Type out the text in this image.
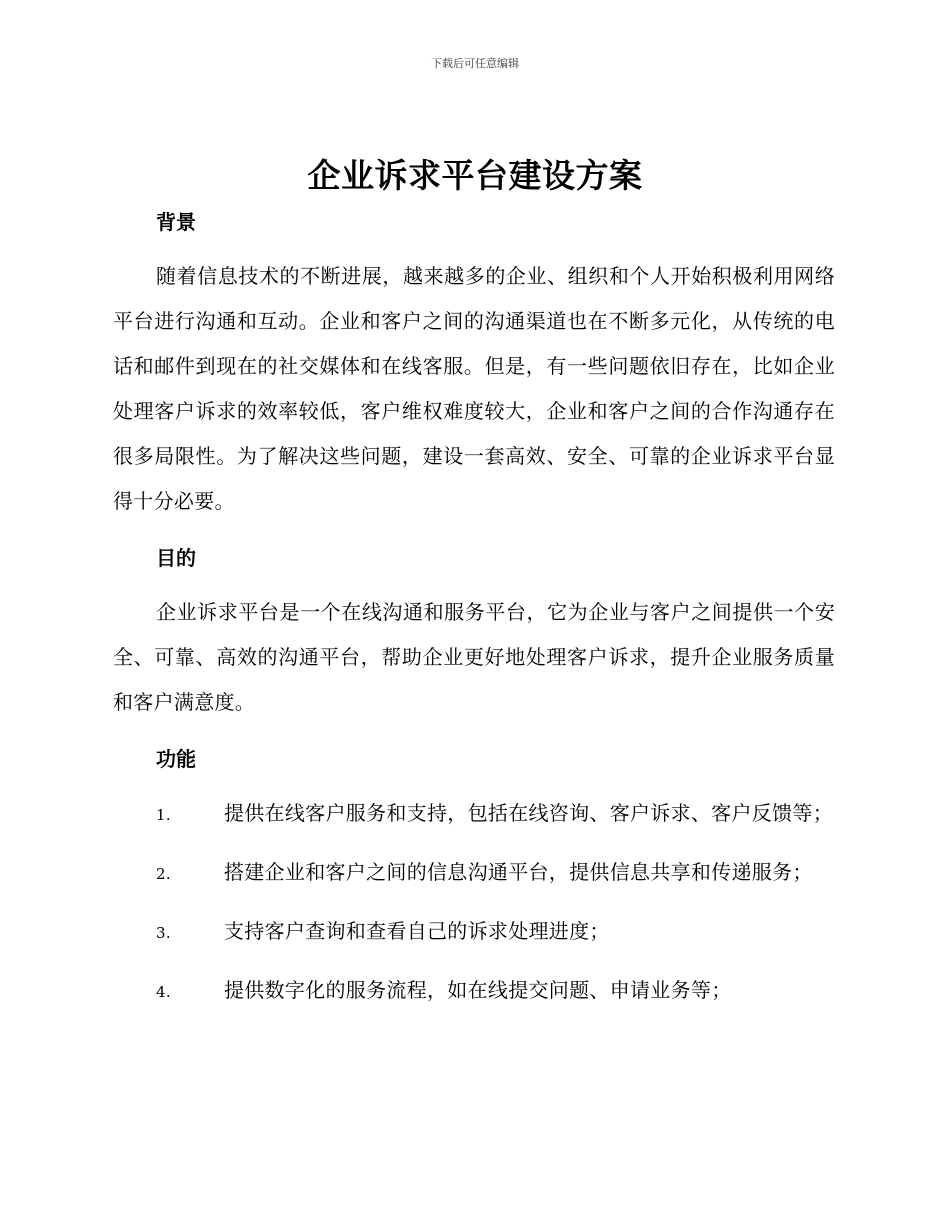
下载后可任意编辑
企业诉求平台建设方案

背景

随着信息技术的不断进展，越来越多的企业、组织和个人开始积极利用网络平台进行沟通和互动。企业和客户之间的沟通渠道也在不断多元化，从传统的电话和邮件到现在的社交媒体和在线客服。但是，有一些问题依旧存在，比如企业处理客户诉求的效率较低，客户维权难度较大，企业和客户之间的合作沟通存在很多局限性。为了解决这些问题，建设一套高效、安全、可靠的企业诉求平台显得十分必要。

目的

企业诉求平台是一个在线沟通和服务平台，它为企业与客户之间提供一个安全、可靠、高效的沟通平台，帮助企业更好地处理客户诉求，提升企业服务质量和客户满意度。

功能

1.	提供在线客户服务和支持，包括在线咨询、客户诉求、客户反馈等；

2.	搭建企业和客户之间的信息沟通平台，提供信息共享和传递服务；

3.	支持客户查询和查看自己的诉求处理进度；

4.	提供数字化的服务流程，如在线提交问题、申请业务等；
